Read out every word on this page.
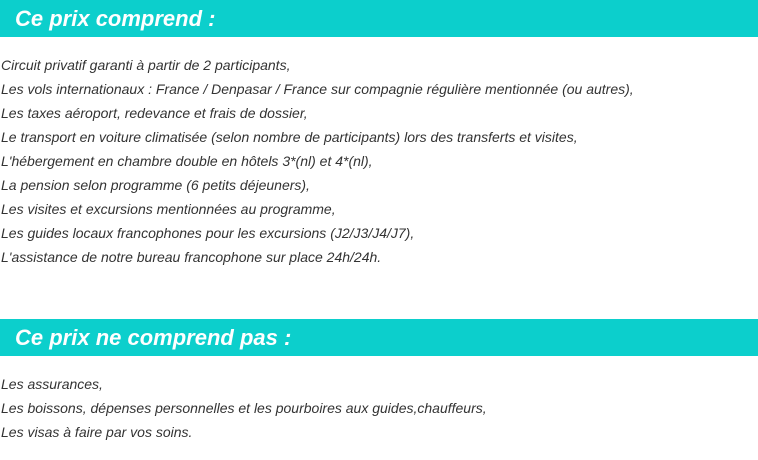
Ce prix comprend :
Circuit privatif garanti à partir de 2 participants,
Les vols internationaux : France / Denpasar / France sur compagnie régulière mentionnée (ou autres),
Les taxes aéroport, redevance et frais de dossier,
Le transport en voiture climatisée (selon nombre de participants) lors des transferts et visites,
L'hébergement en chambre double en hôtels 3*(nl) et 4*(nl),
La pension selon programme (6 petits déjeuners),
Les visites et excursions mentionnées au programme,
Les guides locaux francophones pour les excursions (J2/J3/J4/J7),
L'assistance de notre bureau francophone sur place 24h/24h.
Ce prix ne comprend pas :
Les assurances,
Les boissons, dépenses personnelles et les pourboires aux guides,chauffeurs,
Les visas à faire par vos soins.
